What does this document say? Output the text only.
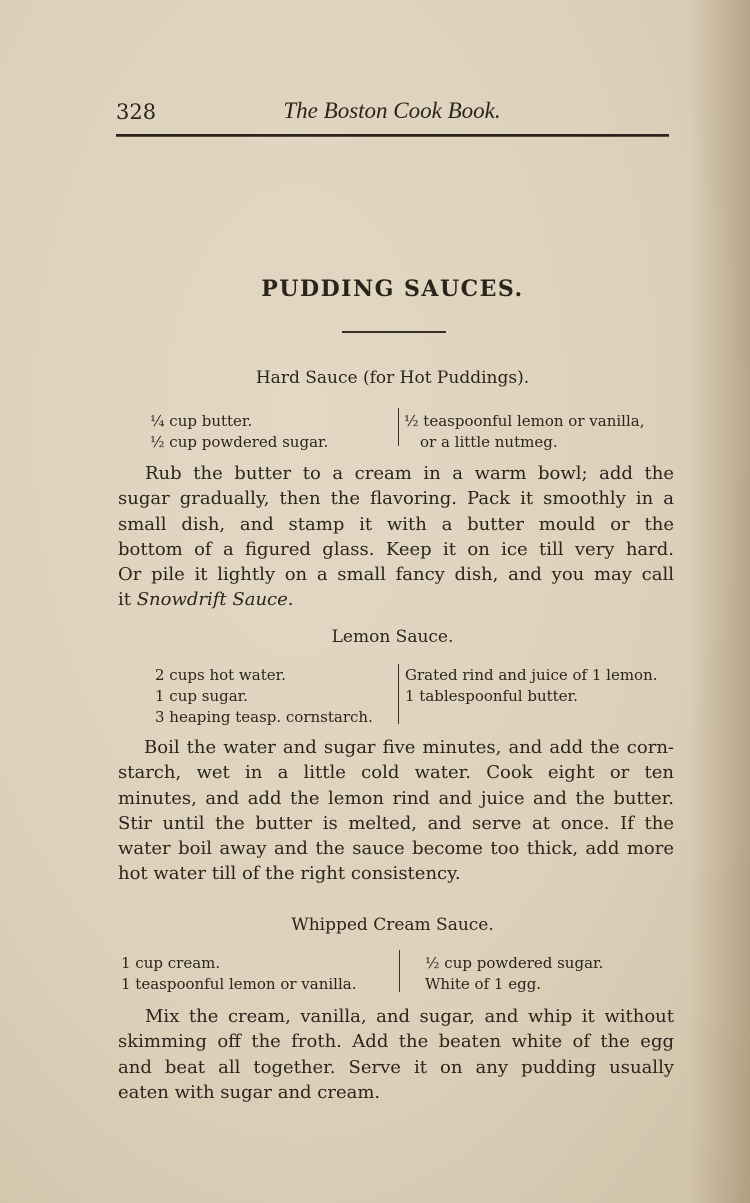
328	The Boston Cook Book.
PUDDING SAUCES.
Hard Sauce (for Hot Puddings).
¼ cup butter.
½ cup powdered sugar.
½ teaspoonful lemon or vanilla,
or a little nutmeg.
Rub the butter to a cream in a warm bowl; add the
sugar gradually, then the flavoring. Pack it smoothly in a
small dish, and stamp it with a butter mould or the
bottom of a figured glass. Keep it on ice till very hard.
Or pile it lightly on a small fancy dish, and you may call
it Snowdrift Sauce.
Lemon Sauce.
2 cups hot water.
1 cup sugar.
3 heaping teasp. cornstarch.
Grated rind and juice of 1 lemon.
1 tablespoonful butter.
Boil the water and sugar five minutes, and add the corn-
starch, wet in a little cold water. Cook eight or ten
minutes, and add the lemon rind and juice and the butter.
Stir until the butter is melted, and serve at once. If the
water boil away and the sauce become too thick, add more
hot water till of the right consistency.
Whipped Cream Sauce.
1 cup cream.
1 teaspoonful lemon or vanilla.
½ cup powdered sugar.
White of 1 egg.
Mix the cream, vanilla, and sugar, and whip it without
skimming off the froth. Add the beaten white of the egg
and beat all together. Serve it on any pudding usually
eaten with sugar and cream.
